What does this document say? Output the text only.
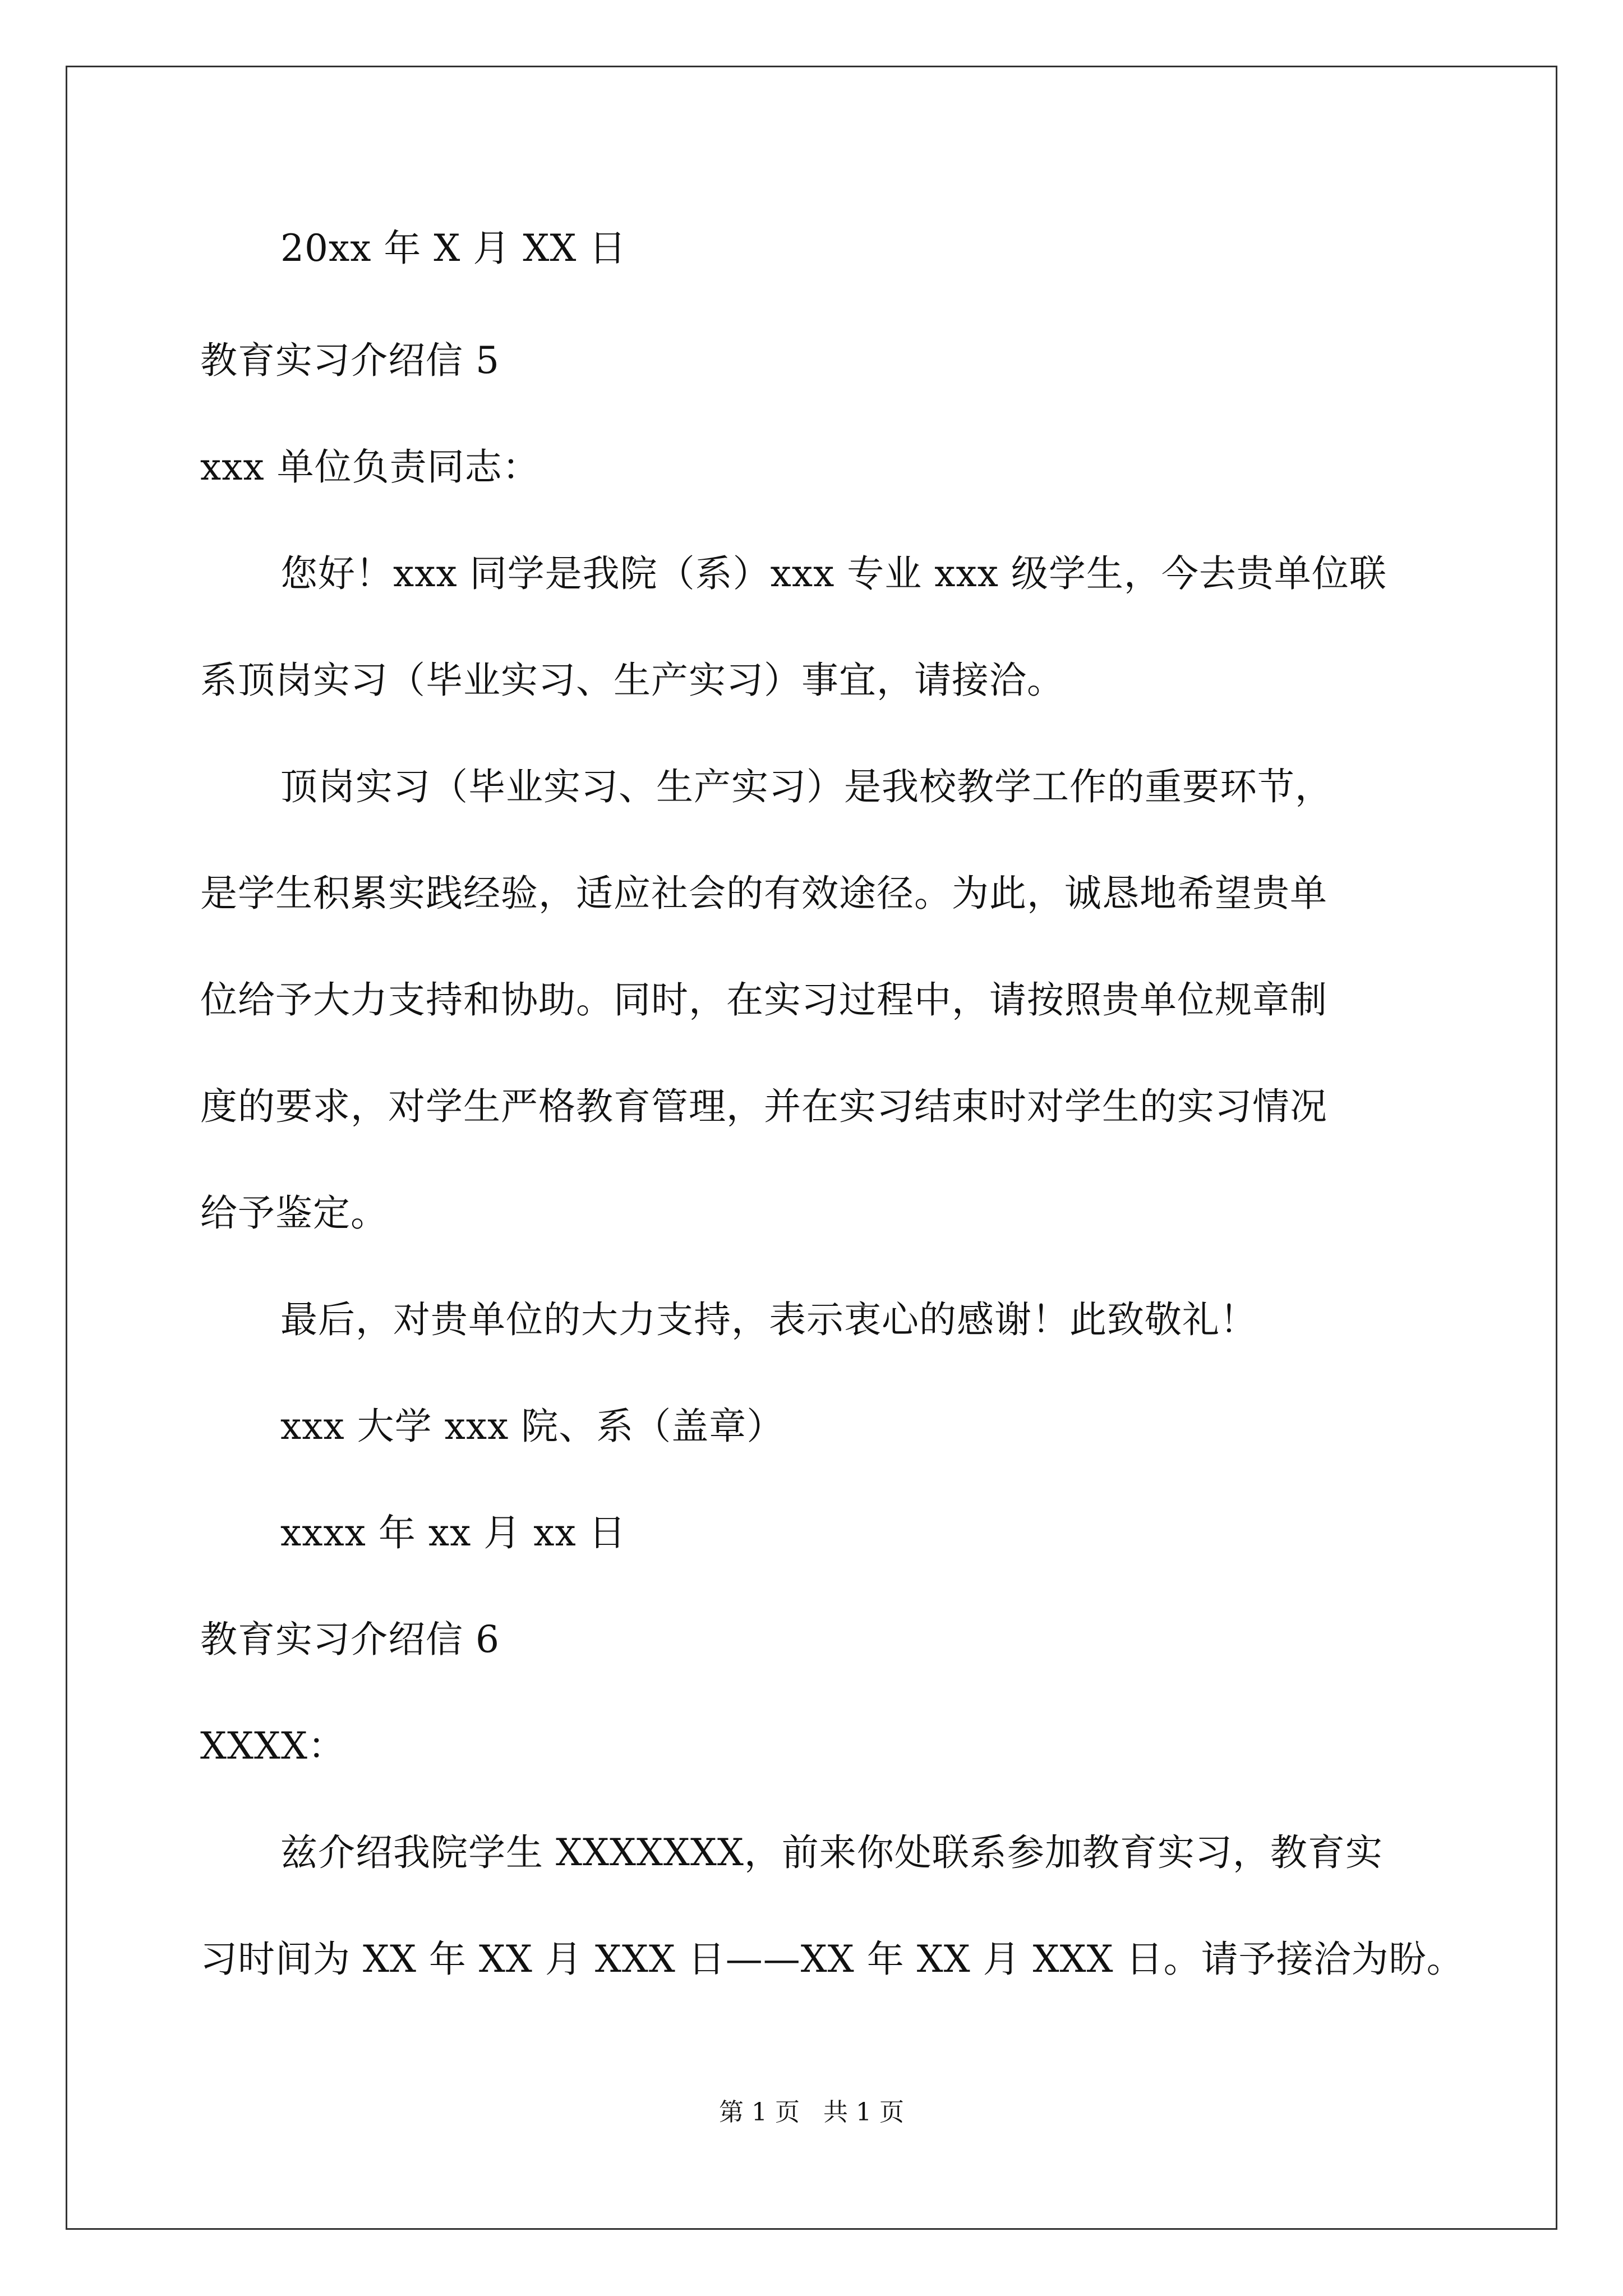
20xx 年 X 月 XX 日
教育实习介绍信 5
xxx 单位负责同志：
您好！xxx 同学是我院（系）xxx 专业 xxx 级学生，今去贵单位联
系顶岗实习（毕业实习、生产实习）事宜，请接洽。
顶岗实习（毕业实习、生产实习）是我校教学工作的重要环节，
是学生积累实践经验，适应社会的有效途径。为此，诚恳地希望贵单
位给予大力支持和协助。同时，在实习过程中，请按照贵单位规章制
度的要求，对学生严格教育管理，并在实习结束时对学生的实习情况
给予鉴定。
最后，对贵单位的大力支持，表示衷心的感谢！此致敬礼！
xxx 大学 xxx 院、系（盖章）
xxxx 年 xx 月 xx 日
教育实习介绍信 6
XXXX：
兹介绍我院学生 XXXXXXX，前来你处联系参加教育实习，教育实
习时间为 XX 年 XX 月 XXX 日——XX 年 XX 月 XXX 日。请予接洽为盼。
第 1 页   共 1 页
